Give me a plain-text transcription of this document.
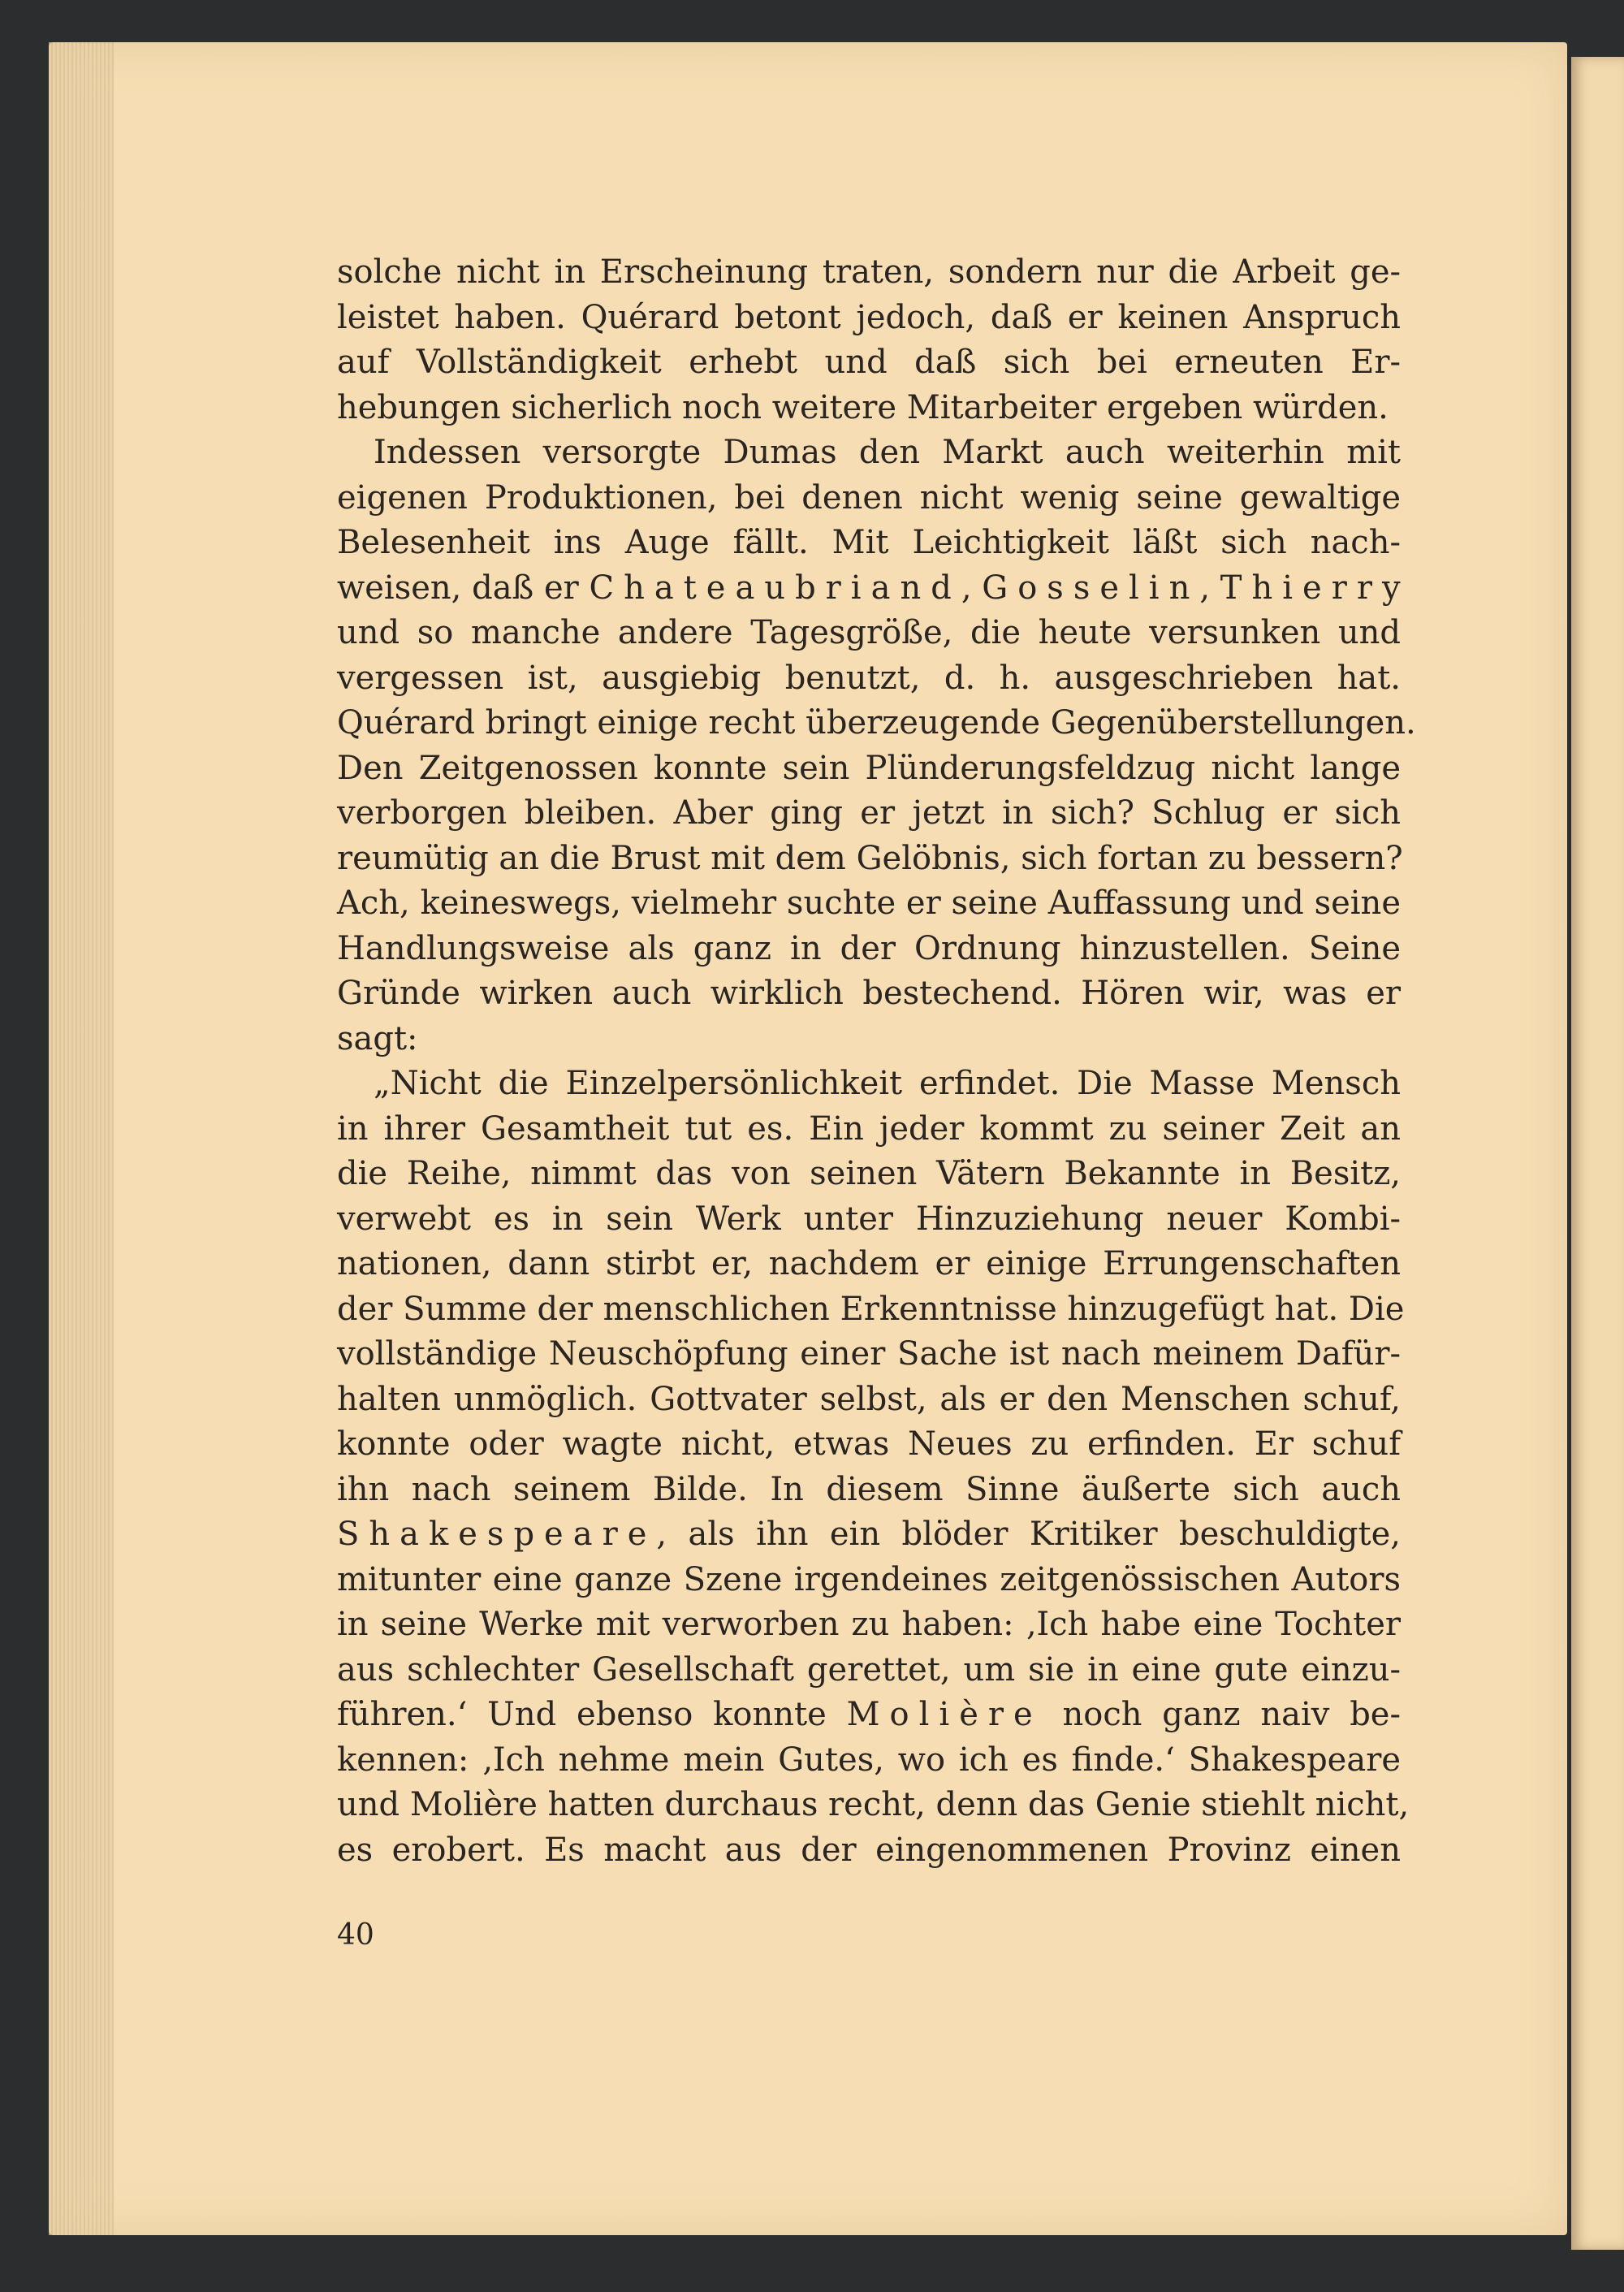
solche nicht in Erscheinung traten, sondern nur die Arbeit ge-
leistet haben. Quérard betont jedoch, daß er keinen Anspruch
auf Vollständigkeit erhebt und daß sich bei erneuten Er-
hebungen sicherlich noch weitere Mitarbeiter ergeben würden.
Indessen versorgte Dumas den Markt auch weiterhin mit
eigenen Produktionen, bei denen nicht wenig seine gewaltige
Belesenheit ins Auge fällt. Mit Leichtigkeit läßt sich nach-
weisen, daß er Chateaubriand, Gosselin, Thierry
und so manche andere Tagesgröße, die heute versunken und
vergessen ist, ausgiebig benutzt, d. h. ausgeschrieben hat.
Quérard bringt einige recht überzeugende Gegenüberstellungen.
Den Zeitgenossen konnte sein Plünderungsfeldzug nicht lange
verborgen bleiben. Aber ging er jetzt in sich? Schlug er sich
reumütig an die Brust mit dem Gelöbnis, sich fortan zu bessern?
Ach, keineswegs, vielmehr suchte er seine Auffassung und seine
Handlungsweise als ganz in der Ordnung hinzustellen. Seine
Gründe wirken auch wirklich bestechend. Hören wir, was er
sagt:
„Nicht die Einzelpersönlichkeit erfindet. Die Masse Mensch
in ihrer Gesamtheit tut es. Ein jeder kommt zu seiner Zeit an
die Reihe, nimmt das von seinen Vätern Bekannte in Besitz,
verwebt es in sein Werk unter Hinzuziehung neuer Kombi-
nationen, dann stirbt er, nachdem er einige Errungenschaften
der Summe der menschlichen Erkenntnisse hinzugefügt hat. Die
vollständige Neuschöpfung einer Sache ist nach meinem Dafür-
halten unmöglich. Gottvater selbst, als er den Menschen schuf,
konnte oder wagte nicht, etwas Neues zu erfinden. Er schuf
ihn nach seinem Bilde. In diesem Sinne äußerte sich auch
Shakespeare, als ihn ein blöder Kritiker beschuldigte,
mitunter eine ganze Szene irgendeines zeitgenössischen Autors
in seine Werke mit verworben zu haben: ‚Ich habe eine Tochter
aus schlechter Gesellschaft gerettet, um sie in eine gute einzu-
führen.‘ Und ebenso konnte Molière noch ganz naiv be-
kennen: ‚Ich nehme mein Gutes, wo ich es finde.‘ Shakespeare
und Molière hatten durchaus recht, denn das Genie stiehlt nicht,
es erobert. Es macht aus der eingenommenen Provinz einen
40
